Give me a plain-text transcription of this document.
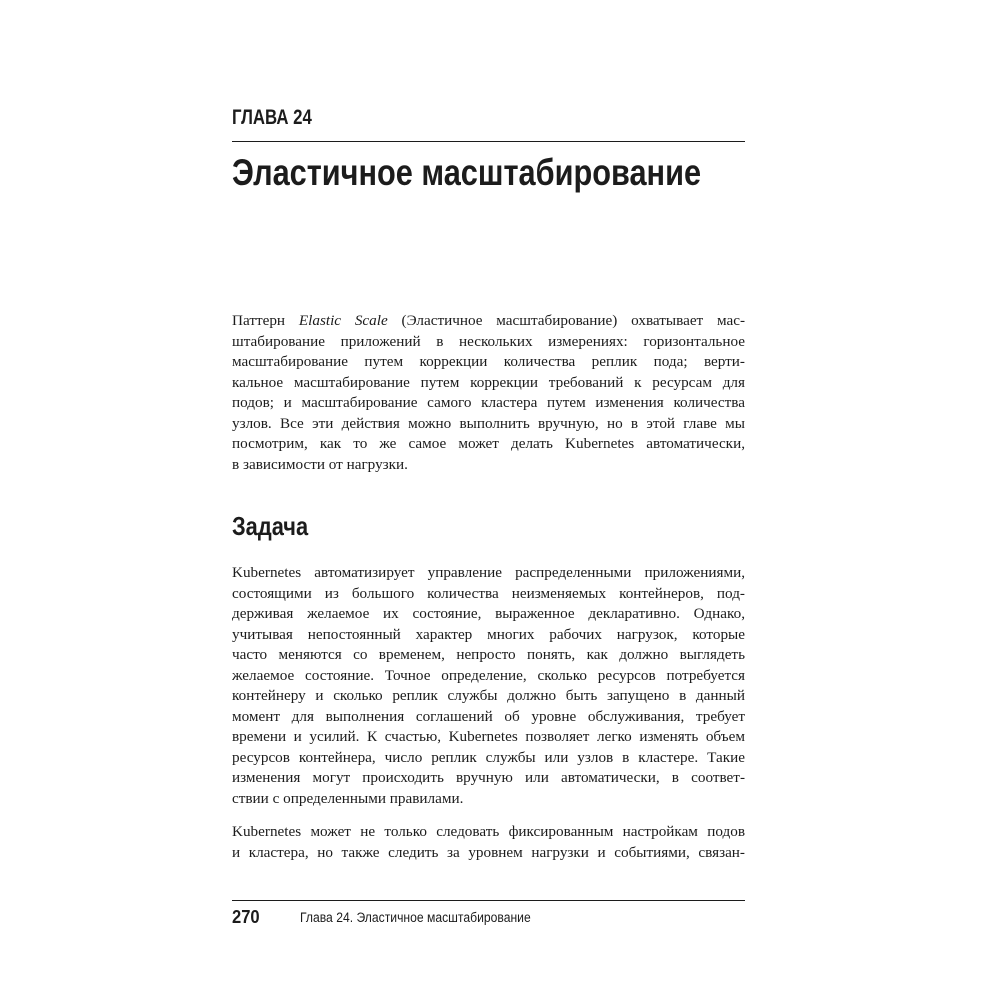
ГЛАВА 24
Эластичное масштабирование
Паттерн Elastic Scale (Эластичное масштабирование) охватывает мас-
штабирование приложений в нескольких измерениях: горизонтальное
масштабирование путем коррекции количества реплик пода; верти-
кальное масштабирование путем коррекции требований к ресурсам для
подов; и масштабирование самого кластера путем изменения количества
узлов. Все эти действия можно выполнить вручную, но в этой главе мы
посмотрим, как то же самое может делать Kubernetes автоматически,
в зависимости от нагрузки.
Задача
Kubernetes автоматизирует управление распределенными приложениями,
состоящими из большого количества неизменяемых контейнеров, под-
держивая желаемое их состояние, выраженное декларативно. Однако,
учитывая непостоянный характер многих рабочих нагрузок, которые
часто меняются со временем, непросто понять, как должно выглядеть
желаемое состояние. Точное определение, сколько ресурсов потребуется
контейнеру и сколько реплик службы должно быть запущено в данный
момент для выполнения соглашений об уровне обслуживания, требует
времени и усилий. К счастью, Kubernetes позволяет легко изменять объем
ресурсов контейнера, число реплик службы или узлов в кластере. Такие
изменения могут происходить вручную или автоматически, в соответ-
ствии с определенными правилами.
Kubernetes может не только следовать фиксированным настройкам подов
и кластера, но также следить за уровнем нагрузки и событиями, связан-
270	Глава 24. Эластичное масштабирование
